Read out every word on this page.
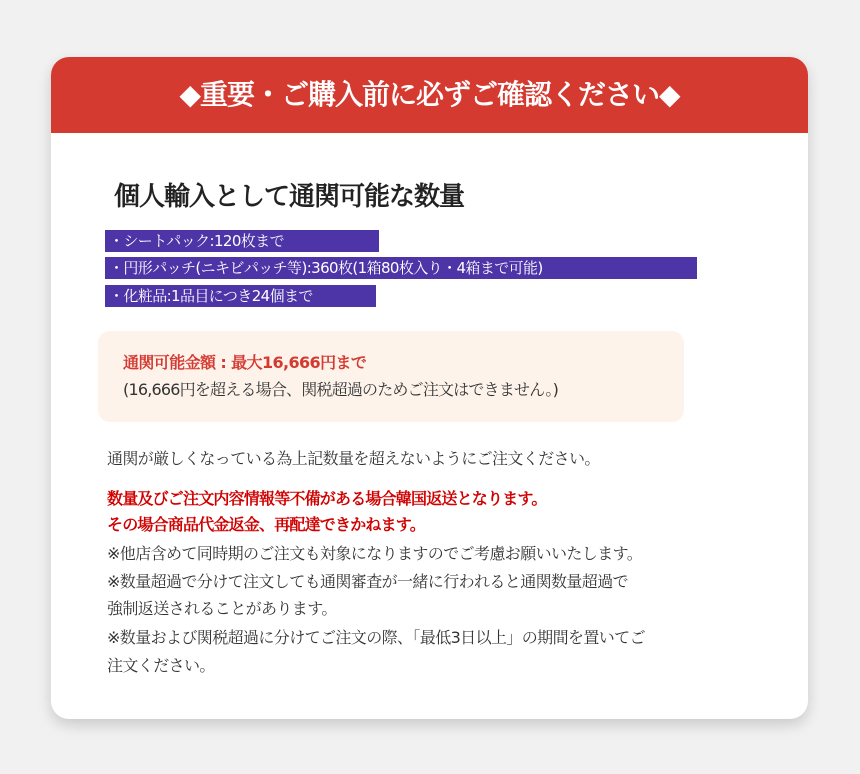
◆重要・ご購入前に必ずご確認ください◆
個人輸入として通関可能な数量
・シートパック:120枚まで
・円形パッチ(ニキビパッチ等):360枚(1箱80枚入り・4箱まで可能)
・化粧品:1品目につき24個まで
通関可能金額 : 最大16,666円まで
(16,666円を超える場合、関税超過のためご注文はできません。)
通関が厳しくなっている為上記数量を超えないようにご注文ください。
数量及びご注文内容情報等不備がある場合韓国返送となります。
その場合商品代金返金、再配達できかねます。
※他店含めて同時期のご注文も対象になりますのでご考慮お願いいたします。
※数量超過で分けて注文しても通関審査が一緒に行われると通関数量超過で
強制返送されることがあります。
※数量および関税超過に分けてご注文の際、「最低3日以上」の期間を置いてご
注文ください。
